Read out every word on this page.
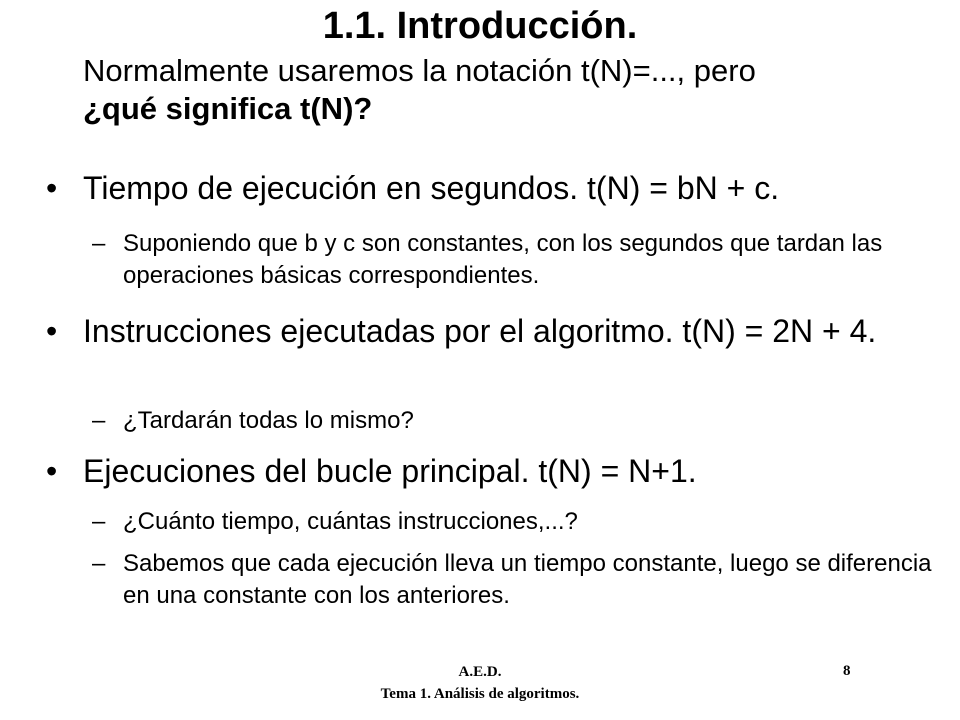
1.1. Introducción.
Normalmente usaremos la notación t(N)=..., pero
¿qué significa t(N)?
• Tiempo de ejecución en segundos. t(N) = bN + c.
– Suponiendo que b y c son constantes, con los segundos que tardan las operaciones básicas correspondientes.
• Instrucciones ejecutadas por el algoritmo. t(N) = 2N + 4.
– ¿Tardarán todas lo mismo?
• Ejecuciones del bucle principal. t(N) = N+1.
– ¿Cuánto tiempo, cuántas instrucciones,...?
– Sabemos que cada ejecución lleva un tiempo constante, luego se diferencia en una constante con los anteriores.
A.E.D.
Tema 1. Análisis de algoritmos.
8
